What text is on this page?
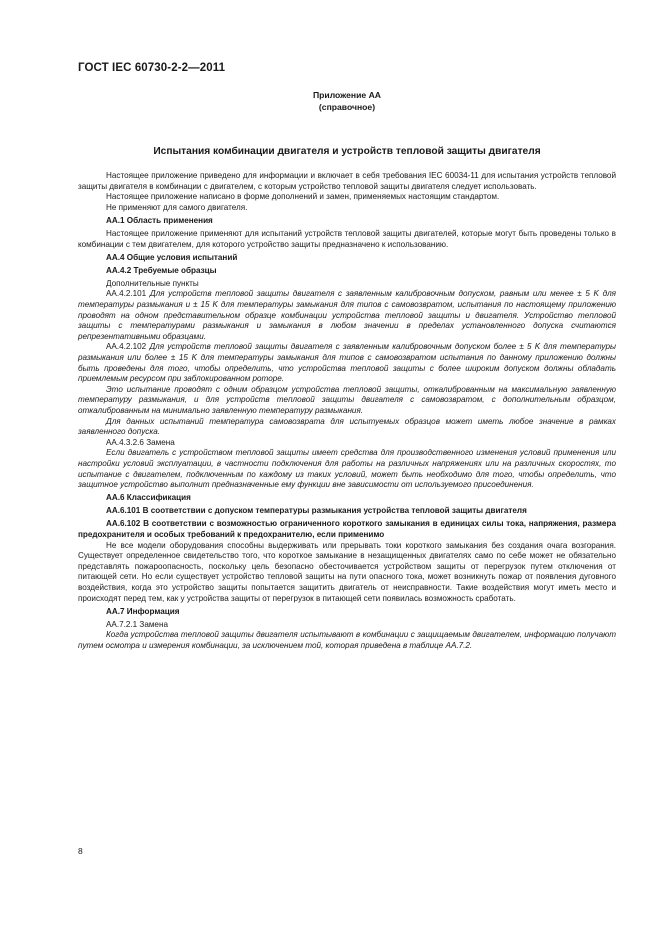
ГОСТ IEC 60730-2-2—2011
Приложение АА
(справочное)
Испытания комбинации двигателя и устройств тепловой защиты двигателя

Настоящее приложение приведено для информации и включает в себя требования IEC 60034-11 для испытания устройств тепловой защиты двигателя в комбинации с двигателем, с которым устройство тепловой защиты двигателя следует использовать.

Настоящее приложение написано в форме дополнений и замен, применяемых настоящим стандартом.

Не применяют для самого двигателя.

АА.1 Область применения

Настоящее приложение применяют для испытаний устройств тепловой защиты двигателей, которые могут быть проведены только в комбинации с тем двигателем, для которого устройство защиты предназначено к использованию.

АА.4 Общие условия испытаний

АА.4.2 Требуемые образцы

Дополнительные пункты

АА.4.2.101 Для устройств тепловой защиты двигателя с заявленным калибровочным допуском, равным или менее ± 5 K для температуры размыкания и ± 15 K для температуры замыкания для типов с самовозвратом, испытания по настоящему приложению проводят на одном представительном образце комбинации устройства тепловой защиты и двигателя. Устройство тепловой защиты с температурами размыкания и замыкания в любом значении в пределах установленного допуска считаются репрезентативными образцами.

АА.4.2.102 Для устройств тепловой защиты двигателя с заявленным калибровочным допуском более ± 5 K для температуры размыкания или более ± 15 K для температуры замыкания для типов с самовозвратом испытания по данному приложению должны быть проведены для того, чтобы определить, что устройства тепловой защиты с более широким допуском должны обладать приемлемым ресурсом при заблокированном роторе.

Это испытание проводят с одним образцом устройства тепловой защиты, откалиброванным на максимальную заявленную температуру размыкания, и для устройств тепловой защиты двигателя с самовозвратом, с дополнительным образцом, откалиброванным на минимально заявленную температуру размыкания.

Для данных испытаний температура самовозврата для испытуемых образцов может иметь любое значение в рамках заявленного допуска.

АА.4.3.2.6 Замена

Если двигатель с устройством тепловой защиты имеет средства для производственного изменения условий применения или настройки условий эксплуатации, в частности подключения для работы на различных напряжениях или на различных скоростях, то испытание с двигателем, подключенным по каждому из таких условий, может быть необходимо для того, чтобы определить, что защитное устройство выполнит предназначенные ему функции вне зависимости от используемого присоединения.

АА.6 Классификация

АА.6.101 В соответствии с допуском температуры размыкания устройства тепловой защиты двигателя

АА.6.102 В соответствии с возможностью ограниченного короткого замыкания в единицах силы тока, напряжения, размера предохранителя и особых требований к предохранителю, если применимо

Не все модели оборудования способны выдерживать или прерывать токи короткого замыкания без создания очага возгорания. Существует определенное свидетельство того, что короткое замыкание в незащищенных двигателях само по себе может не обязательно представлять пожароопасность, поскольку цель безопасно обесточивается устройством защиты от перегрузок путем отключения от питающей сети. Но если существует устройство тепловой защиты на пути опасного тока, может возникнуть пожар от появления дуговного воздействия, когда это устройство защиты попытается защитить двигатель от неисправности. Такие воздействия могут иметь место и происходят перед тем, как у устройства защиты от перегрузок в питающей сети появилась возможность сработать.

АА.7 Информация

АА.7.2.1 Замена

Когда устройства тепловой защиты двигателя испытывают в комбинации с защищаемым двигателем, информацию получают путем осмотра и измерения комбинации, за исключением той, которая приведена в таблице АА.7.2.

8
